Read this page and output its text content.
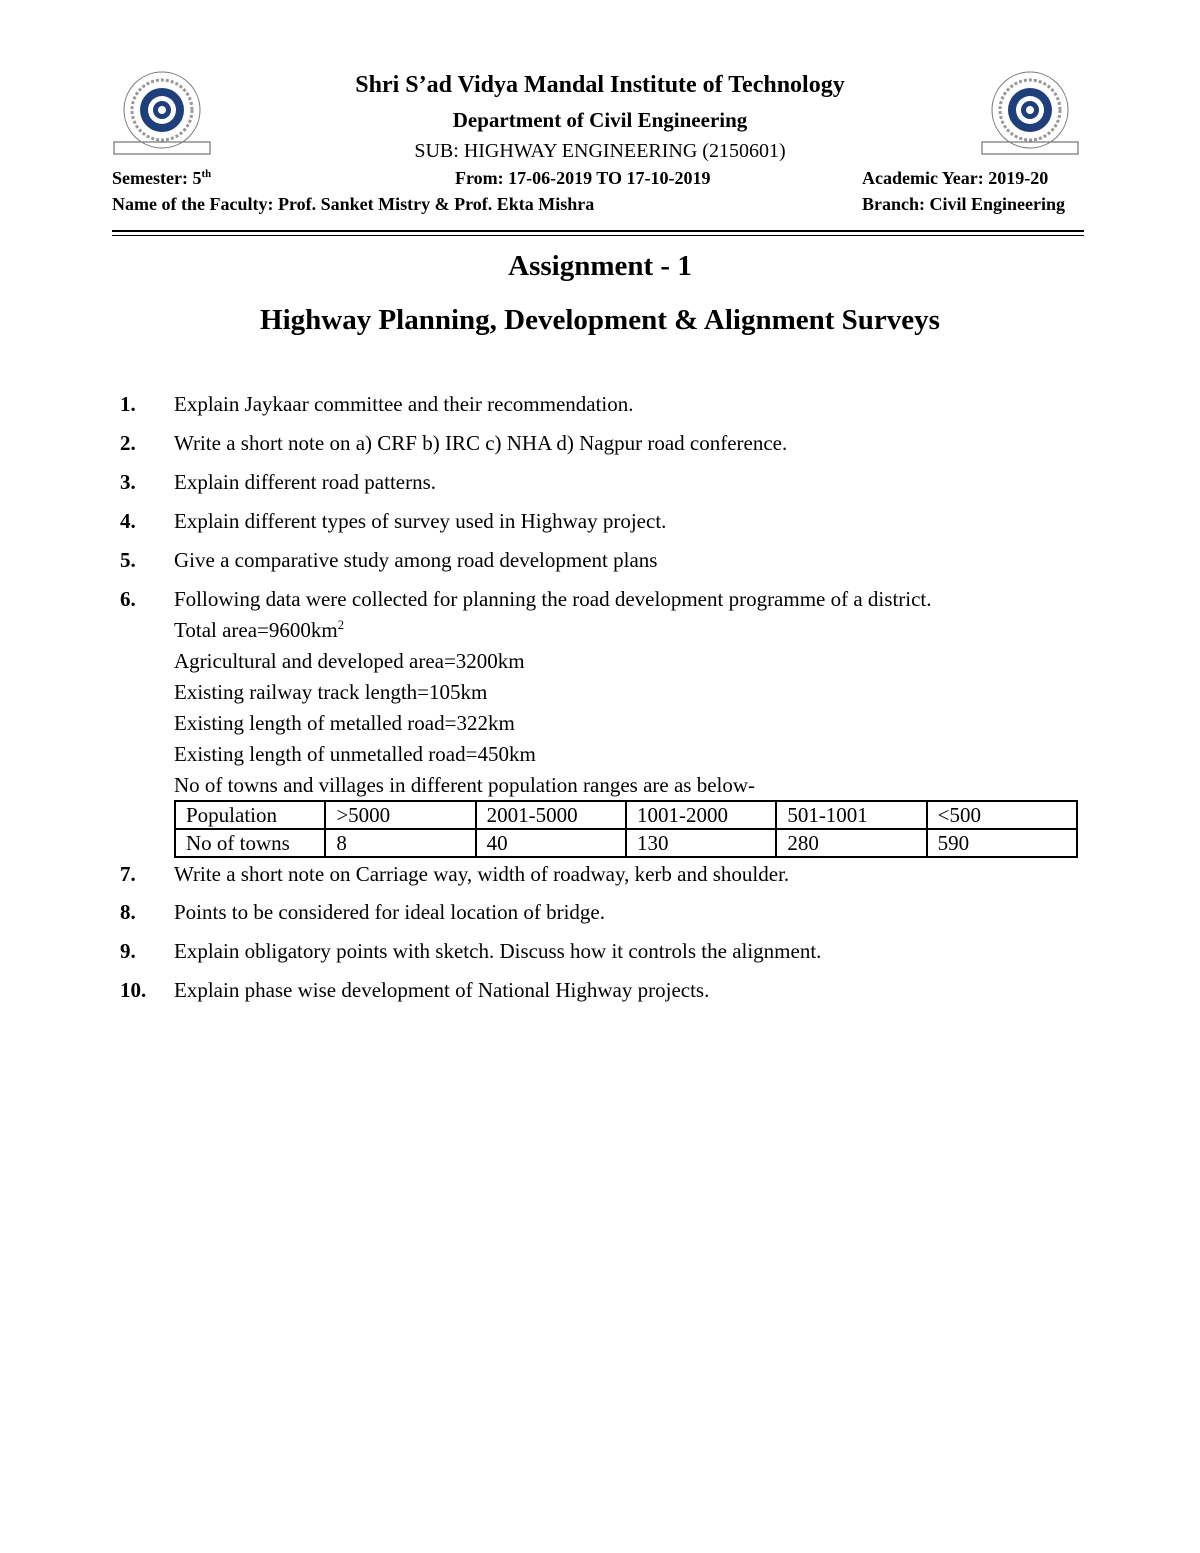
Shri S’ad Vidya Mandal Institute of Technology
Department of Civil Engineering
SUB: HIGHWAY ENGINEERING (2150601)
Semester: 5th	From: 17-06-2019 TO 17-10-2019	Academic Year: 2019-20
Name of the Faculty: Prof. Sanket Mistry & Prof. Ekta Mishra	Branch: Civil Engineering
Assignment - 1
Highway Planning, Development & Alignment Surveys
1.	Explain Jaykaar committee and their recommendation.
2.	Write a short note on a) CRF b) IRC c) NHA d) Nagpur road conference.
3.	Explain different road patterns.
4.	Explain different types of survey used in Highway project.
5.	Give a comparative study among road development plans
6.	Following data were collected for planning the road development programme of a district.
Total $area=9600km^2$
Agricultural and developed area=3200km
Existing railway track length=105km
Existing length of metalled road=322km
Existing length of unmetalled road=450km
No of towns and villages in different population ranges are as below-
Population	>5000	2001-5000	1001-2000	501-1001	<500
No of towns	8	40	130	280	590
7.	Write a short note on Carriage way, width of roadway, kerb and shoulder.
8.	Points to be considered for ideal location of bridge.
9.	Explain obligatory points with sketch. Discuss how it controls the alignment.
10.	Explain phase wise development of National Highway projects.
